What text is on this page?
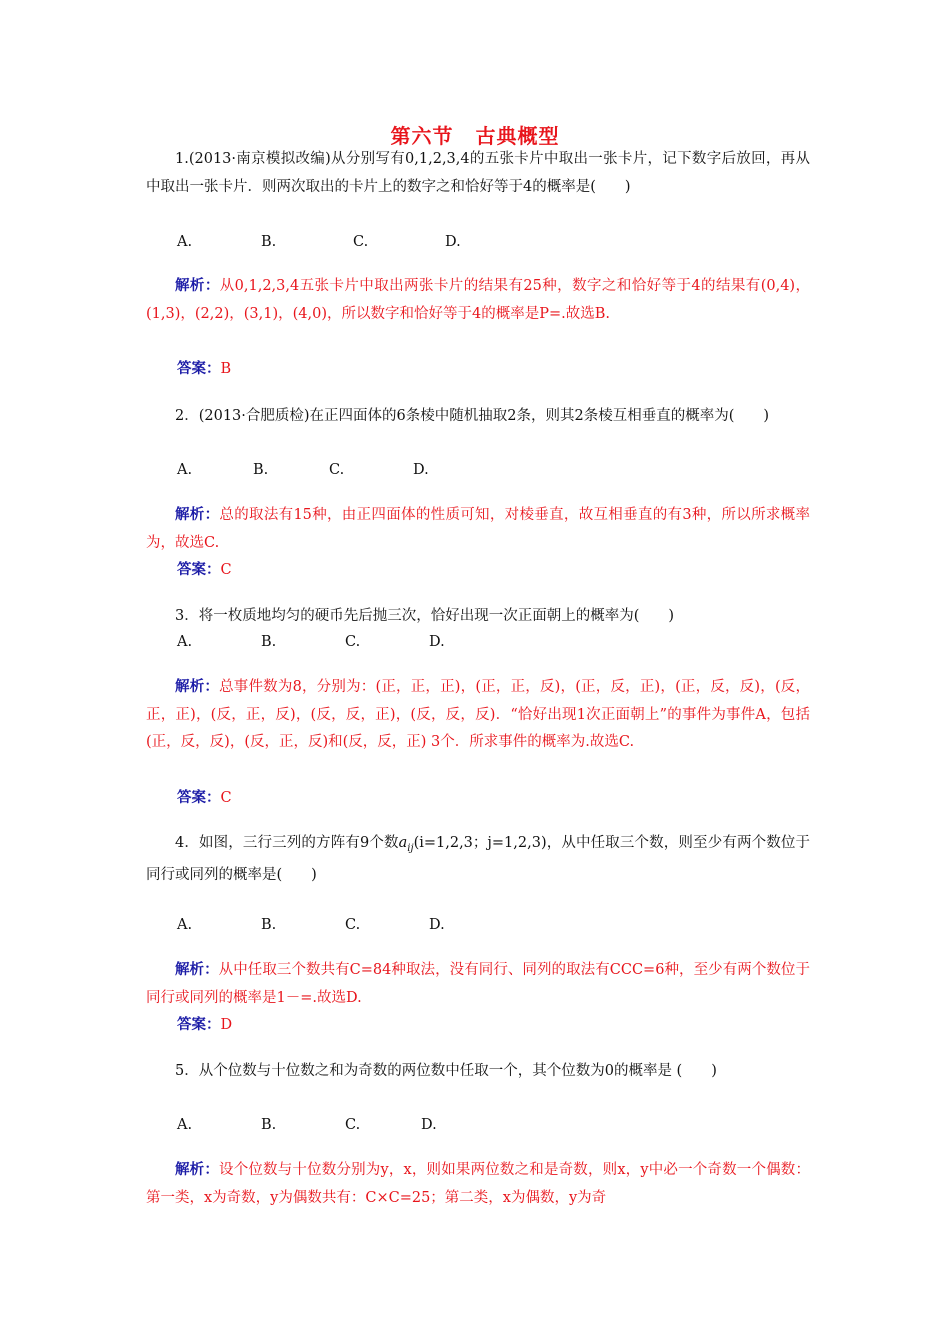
第六节 古典概型
1.(2013·南京模拟改编)从分别写有0,1,2,3,4的五张卡片中取出一张卡片，记下数字后放回，再从中取出一张卡片．则两次取出的卡片上的数字之和恰好等于4的概率是(　　)
A.	B.	C.	D.
解析：从0,1,2,3,4五张卡片中取出两张卡片的结果有25种，数字之和恰好等于4的结果有(0,4)，(1,3)，(2,2)，(3,1)，(4,0)，所以数字和恰好等于4的概率是P=.故选B.
答案：B
2．(2013·合肥质检)在正四面体的6条棱中随机抽取2条，则其2条棱互相垂直的概率为(　　)
A.	B.	C.	D.
解析：总的取法有15种，由正四面体的性质可知，对棱垂直，故互相垂直的有3种，所以所求概率为，故选C.
答案：C
3．将一枚质地均匀的硬币先后抛三次，恰好出现一次正面朝上的概率为(　　)
A.	B.	C.	D.
解析：总事件数为8，分别为：(正，正，正)，(正，正，反)，(正，反，正)，(正，反，反)，(反，正，正)，(反，正，反)，(反，反，正)，(反，反，反)．“恰好出现1次正面朝上”的事件为事件A，包括(正，反，反)，(反，正，反)和(反，反，正) 3个．所求事件的概率为.故选C.
答案：C
4．如图，三行三列的方阵有9个数$a_{ij}(i=1,2,3$；j=1,2,3)，从中任取三个数，则至少有两个数位于同行或同列的概率是(　　)
A.	B.	C.	D.
解析：从中任取三个数共有C=84种取法，没有同行、同列的取法有CCC=6种，至少有两个数位于同行或同列的概率是1－=.故选D.
答案：D
5．从个位数与十位数之和为奇数的两位数中任取一个，其个位数为0的概率是 (　　)
A.	B.	C.	D.
解析：设个位数与十位数分别为y，x，则如果两位数之和是奇数，则x，y中必一个奇数一个偶数：第一类，x为奇数，y为偶数共有：C×C=25；第二类，x为偶数，y为奇
